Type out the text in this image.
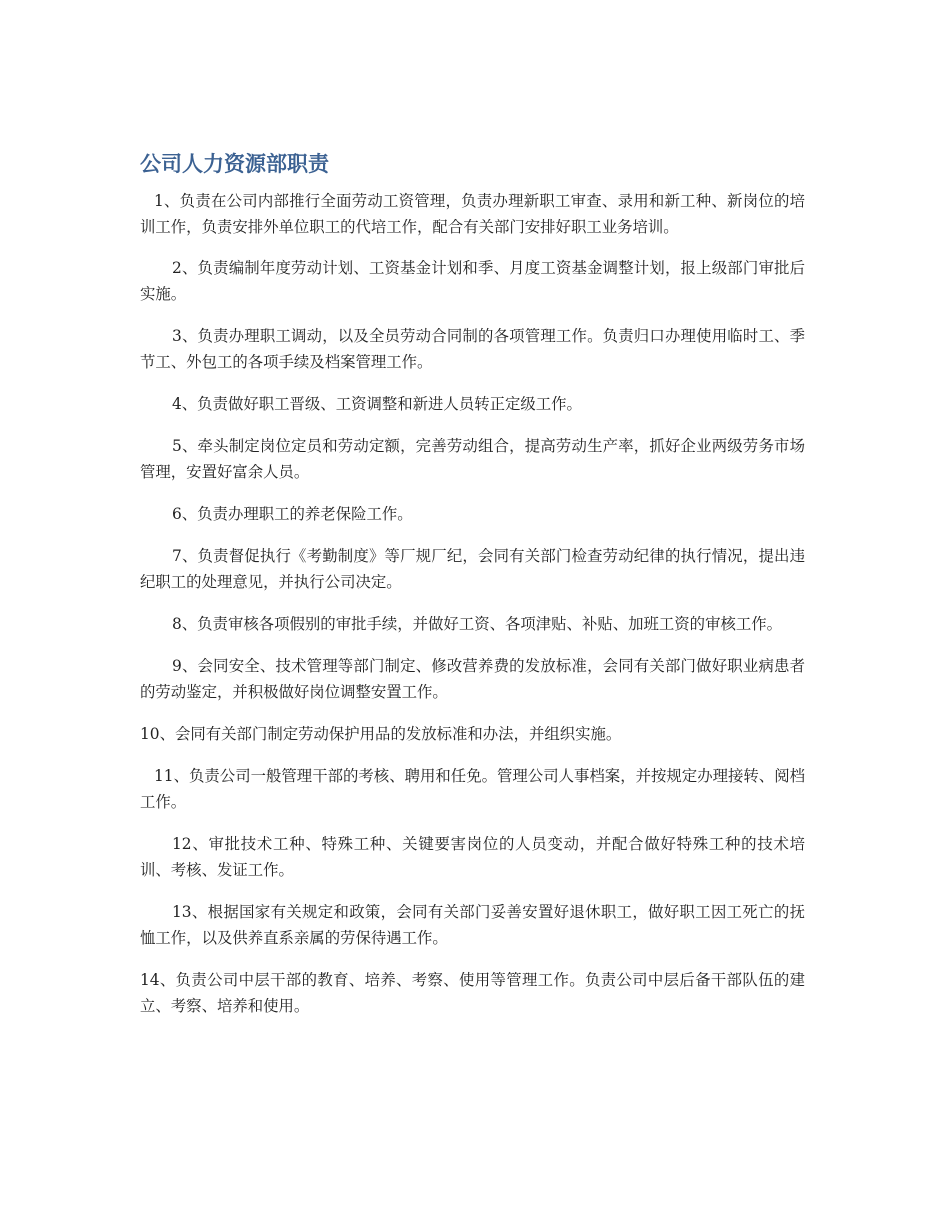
公司人力资源部职责

1、负责在公司内部推行全面劳动工资管理，负责办理新职工审查、录用和新工种、新岗位的培训工作，负责安排外单位职工的代培工作，配合有关部门安排好职工业务培训。

2、负责编制年度劳动计划、工资基金计划和季、月度工资基金调整计划，报上级部门审批后实施。

3、负责办理职工调动，以及全员劳动合同制的各项管理工作。负责归口办理使用临时工、季节工、外包工的各项手续及档案管理工作。

4、负责做好职工晋级、工资调整和新进人员转正定级工作。

5、牵头制定岗位定员和劳动定额，完善劳动组合，提高劳动生产率，抓好企业两级劳务市场管理，安置好富余人员。

6、负责办理职工的养老保险工作。

7、负责督促执行《考勤制度》等厂规厂纪，会同有关部门检查劳动纪律的执行情况，提出违纪职工的处理意见，并执行公司决定。

8、负责审核各项假别的审批手续，并做好工资、各项津贴、补贴、加班工资的审核工作。

9、会同安全、技术管理等部门制定、修改营养费的发放标准，会同有关部门做好职业病患者的劳动鉴定，并积极做好岗位调整安置工作。

10、会同有关部门制定劳动保护用品的发放标准和办法，并组织实施。

11、负责公司一般管理干部的考核、聘用和任免。管理公司人事档案，并按规定办理接转、阅档工作。

12、审批技术工种、特殊工种、关键要害岗位的人员变动，并配合做好特殊工种的技术培训、考核、发证工作。

13、根据国家有关规定和政策，会同有关部门妥善安置好退休职工，做好职工因工死亡的抚恤工作，以及供养直系亲属的劳保待遇工作。

14、负责公司中层干部的教育、培养、考察、使用等管理工作。负责公司中层后备干部队伍的建立、考察、培养和使用。
